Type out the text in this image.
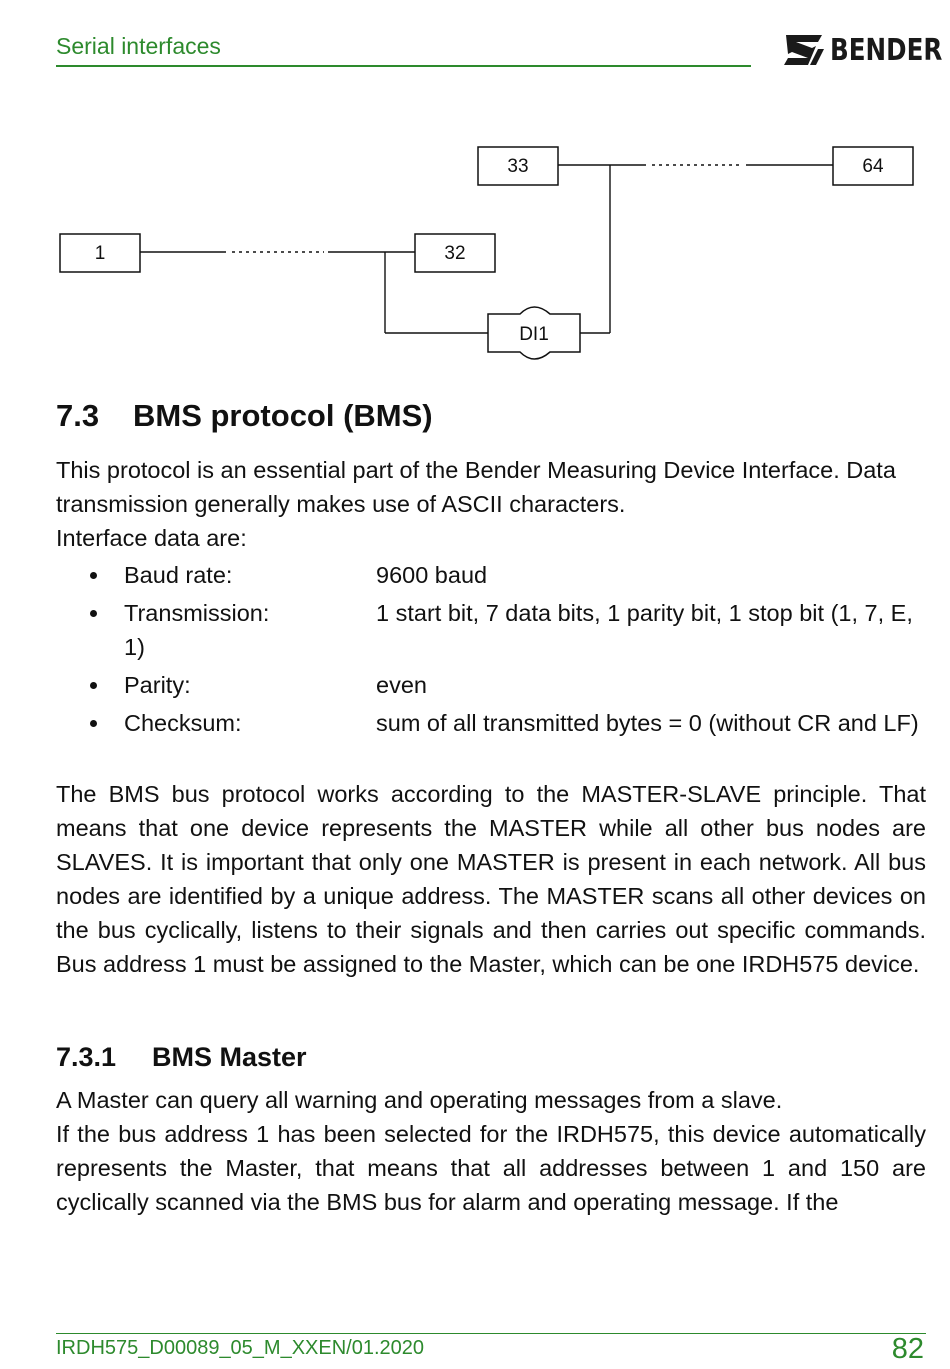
Serial interfaces	BENDER
1	32
33	64
DI1
7.3 BMS protocol (BMS)

This protocol is an essential part of the Bender Measuring Device Interface. Data transmission generally makes use of ASCII characters.

Interface data are:

Baud rate:	9600 baud
Transmission:	1 start bit, 7 data bits, 1 parity bit, 1 stop bit (1, 7, E, 1)
Parity:	even
Checksum:	sum of all transmitted bytes = 0 (without CR and LF)

The BMS bus protocol works according to the MASTER-SLAVE principle. That means that one device represents the MASTER while all other bus nodes are SLAVES. It is important that only one MASTER is present in each network. All bus nodes are identified by a unique address. The MASTER scans all other devices on the bus cyclically, listens to their signals and then carries out specific commands. Bus address 1 must be assigned to the Master, which can be one IRDH575 device.

7.3.1 BMS Master

A Master can query all warning and operating messages from a slave.

If the bus address 1 has been selected for the IRDH575, this device automatically represents the Master, that means that all addresses between 1 and 150 are cyclically scanned via the BMS bus for alarm and operating message. If the

IRDH575_D00089_05_M_XXEN/01.2020	82
